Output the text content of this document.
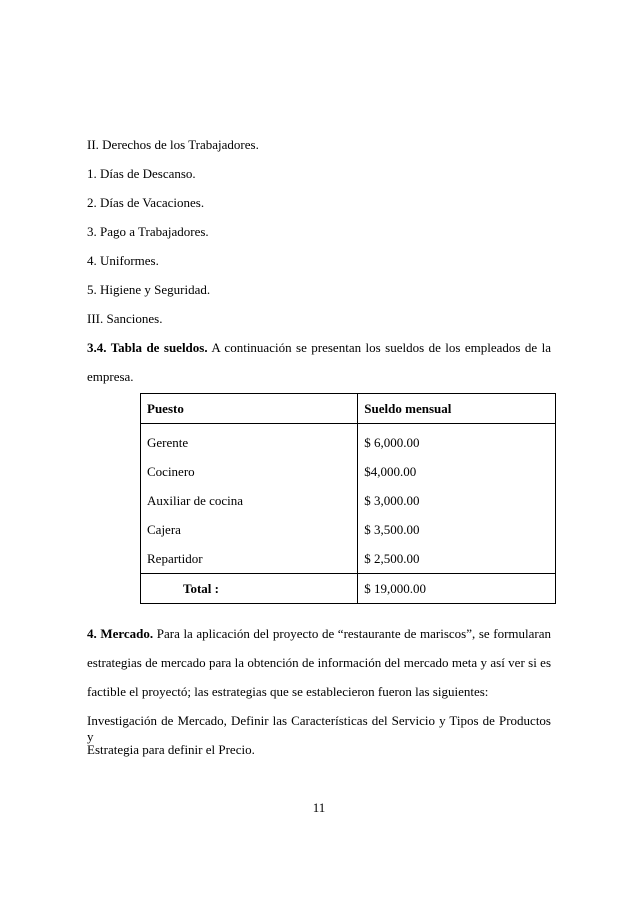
II. Derechos de los Trabajadores.
1. Días de Descanso.
2. Días de Vacaciones.
3. Pago a Trabajadores.
4. Uniformes.
5. Higiene y Seguridad.
III. Sanciones.
3.4. Tabla de sueldos. A continuación se presentan los sueldos de los empleados de la
empresa.
Puesto	Sueldo mensual
Gerente	$ 6,000.00
Cocinero	$4,000.00
Auxiliar de cocina	$ 3,000.00
Cajera	$ 3,500.00
Repartidor	$ 2,500.00
Total :	$ 19,000.00
4. Mercado. Para la aplicación del proyecto de “restaurante de mariscos”, se formularan
estrategias de mercado para la obtención de información del mercado meta y así ver si es
factible el proyectó; las estrategias que se establecieron fueron las siguientes:
Investigación de Mercado, Definir las Características del Servicio y Tipos de Productos y
Estrategia para definir el Precio.
11
